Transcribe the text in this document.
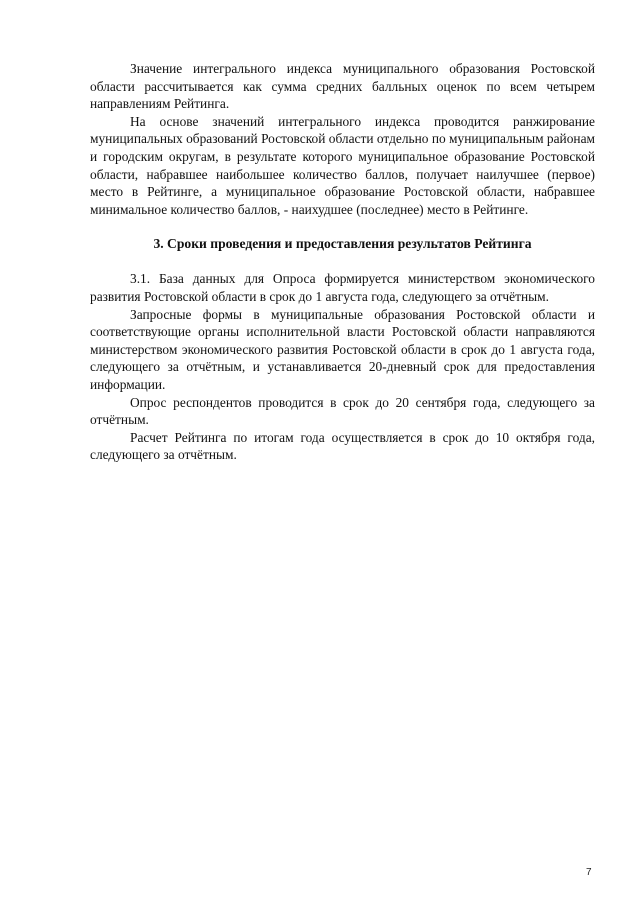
Значение интегрального индекса муниципального образования Ростовской области рассчитывается как сумма средних балльных оценок по всем четырем направлениям Рейтинга.

На основе значений интегрального индекса проводится ранжирование муниципальных образований Ростовской области отдельно по муниципальным районам и городским округам, в результате которого муниципальное образование Ростовской области, набравшее наибольшее количество баллов, получает наилучшее (первое) место в Рейтинге, а муниципальное образование Ростовской области, набравшее минимальное количество баллов, - наихудшее (последнее) место в Рейтинге.

3. Сроки проведения и предоставления результатов Рейтинга

3.1. База данных для Опроса формируется министерством экономического развития Ростовской области в срок до 1 августа года, следующего за отчётным.

Запросные формы в муниципальные образования Ростовской области и соответствующие органы исполнительной власти Ростовской области направляются министерством экономического развития Ростовской области в срок до 1 августа года, следующего за отчётным, и устанавливается 20-дневный срок для предоставления информации.

Опрос респондентов проводится в срок до 20 сентября года, следующего за отчётным.

Расчет Рейтинга по итогам года осуществляется в срок до 10 октября года, следующего за отчётным.

7
